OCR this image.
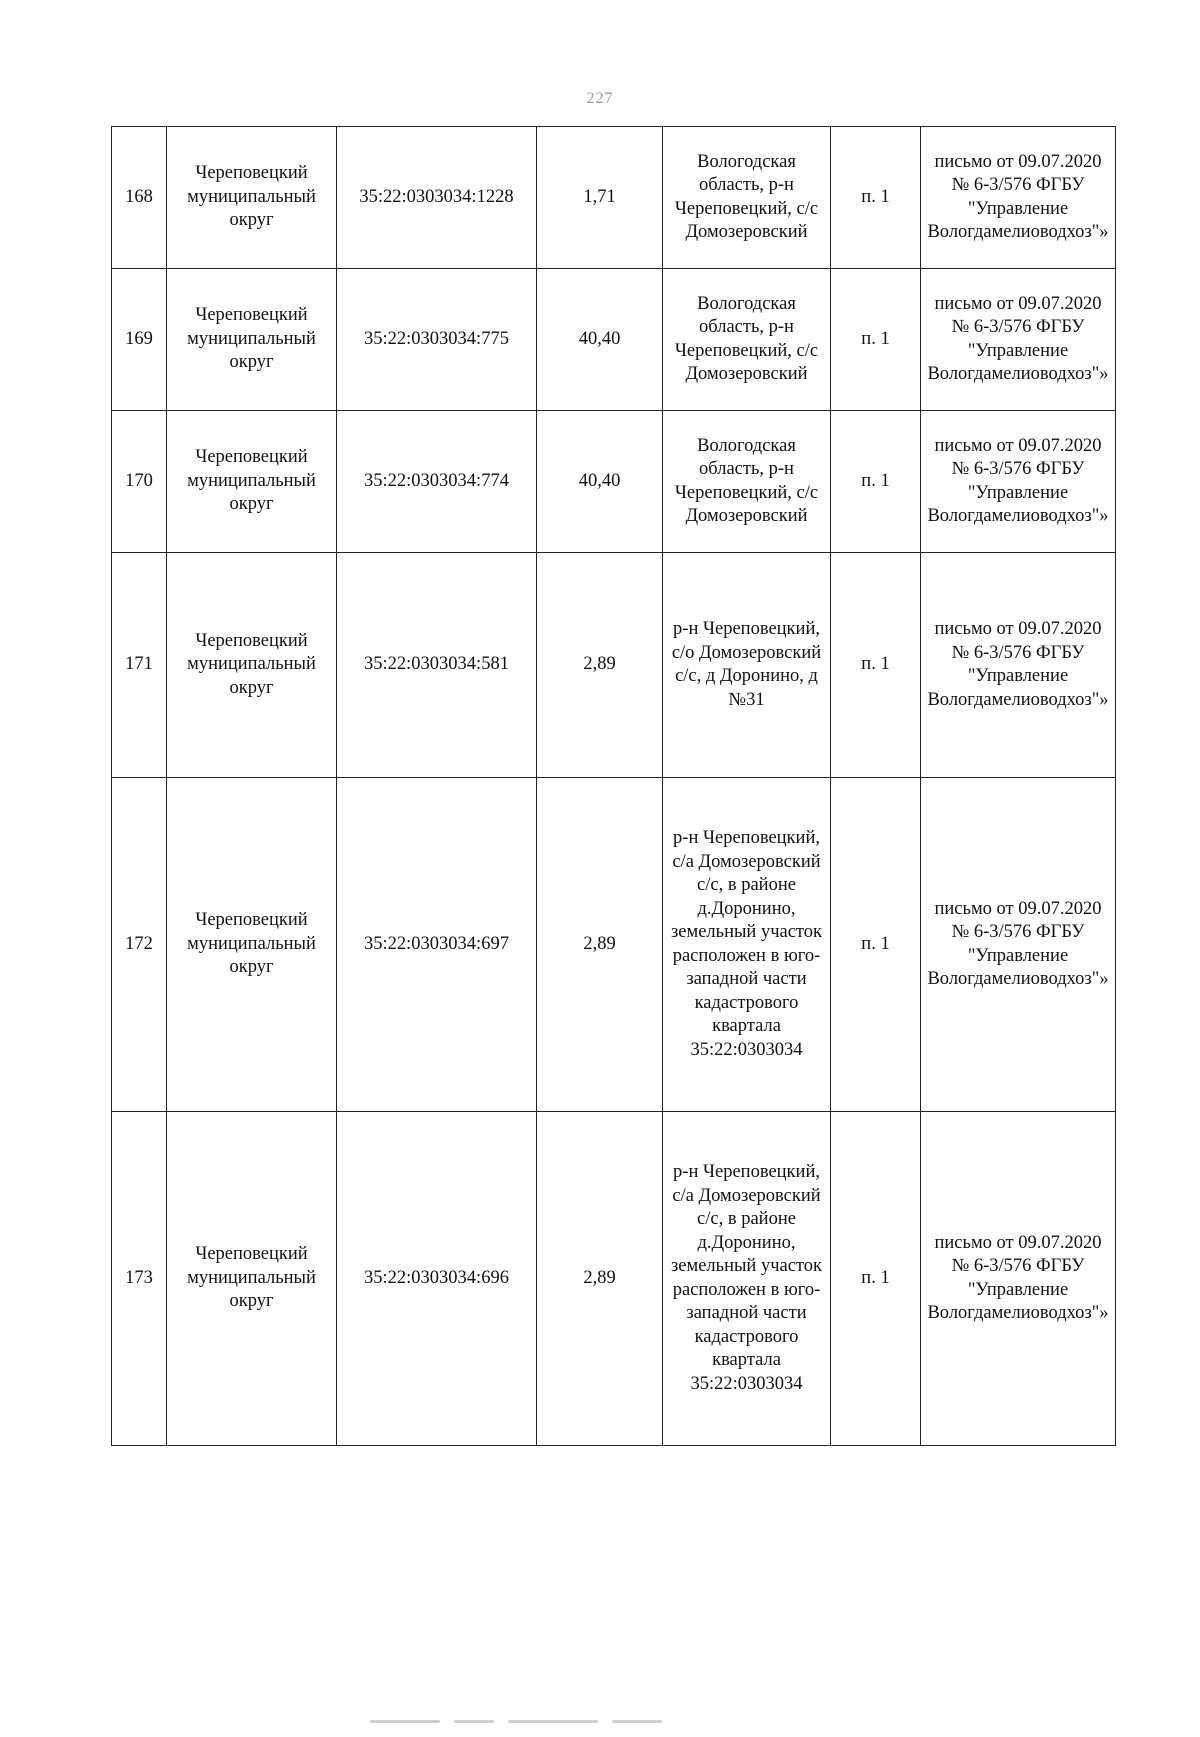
227
168	Череповецкий муниципальный округ	35:22:0303034:1228	1,71	Вологодская область, р-н Череповецкий, с/с Домозеровский	п. 1	письмо от 09.07.2020 № 6-3/576 ФГБУ "Управление Вологдамелиоводхоз"»
169	Череповецкий муниципальный округ	35:22:0303034:775	40,40	Вологодская область, р-н Череповецкий, с/с Домозеровский	п. 1	письмо от 09.07.2020 № 6-3/576 ФГБУ "Управление Вологдамелиоводхоз"»
170	Череповецкий муниципальный округ	35:22:0303034:774	40,40	Вологодская область, р-н Череповецкий, с/с Домозеровский	п. 1	письмо от 09.07.2020 № 6-3/576 ФГБУ "Управление Вологдамелиоводхоз"»
171	Череповецкий муниципальный округ	35:22:0303034:581	2,89	р-н Череповецкий, с/о Домозеровский с/с, д Доронино, д №31	п. 1	письмо от 09.07.2020 № 6-3/576 ФГБУ "Управление Вологдамелиоводхоз"»
172	Череповецкий муниципальный округ	35:22:0303034:697	2,89	р-н Череповецкий, с/а Домозеровский с/с, в районе д.Доронино, земельный участок расположен в юго-западной части кадастрового квартала 35:22:0303034	п. 1	письмо от 09.07.2020 № 6-3/576 ФГБУ "Управление Вологдамелиоводхоз"»
173	Череповецкий муниципальный округ	35:22:0303034:696	2,89	р-н Череповецкий, с/а Домозеровский с/с, в районе д.Доронино, земельный участок расположен в юго-западной части кадастрового квартала 35:22:0303034	п. 1	письмо от 09.07.2020 № 6-3/576 ФГБУ "Управление Вологдамелиоводхоз"»
